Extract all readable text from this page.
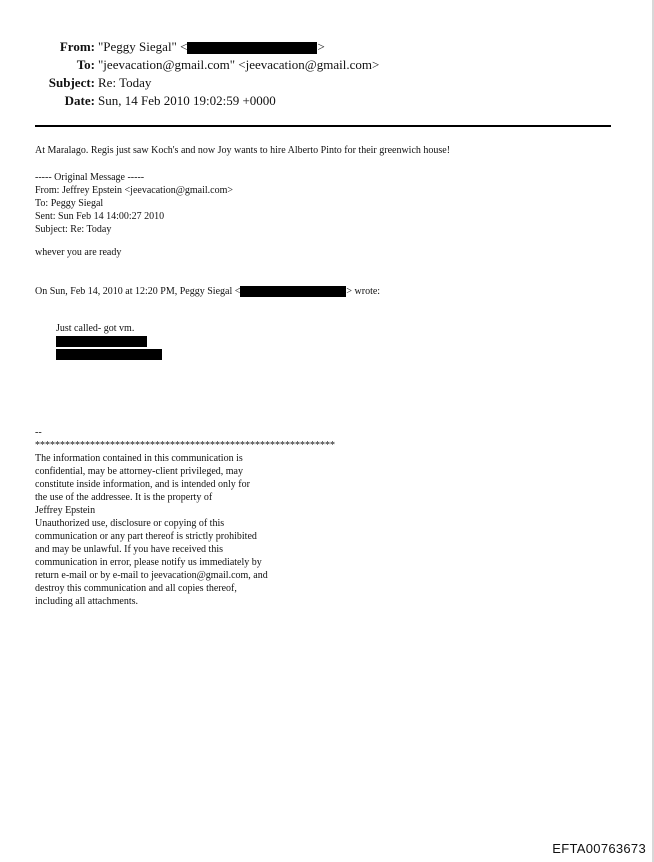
From: "Peggy Siegal" <	>
To: "jeevacation@gmail.com" <jeevacation@gmail.com>
Subject: Re: Today
Date: Sun, 14 Feb 2010 19:02:59 +0000
At Maralago. Regis just saw Koch's and now Joy wants to hire Alberto Pinto for their greenwich house!
----- Original Message -----
From: Jeffrey Epstein <jeevacation@gmail.com>
To: Peggy Siegal
Sent: Sun Feb 14 14:00:27 2010
Subject: Re: Today
whever you are ready
On Sun, Feb 14, 2010 at 12:20 PM, Peggy Siegal <	> wrote:
Just called- got vm.
--
************************************************************
The information contained in this communication is
confidential, may be attorney-client privileged, may
constitute inside information, and is intended only for
the use of the addressee. It is the property of
Jeffrey Epstein
Unauthorized use, disclosure or copying of this
communication or any part thereof is strictly prohibited
and may be unlawful. If you have received this
communication in error, please notify us immediately by
return e-mail or by e-mail to jeevacation@gmail.com, and
destroy this communication and all copies thereof,
including all attachments.
EFTA00763673
